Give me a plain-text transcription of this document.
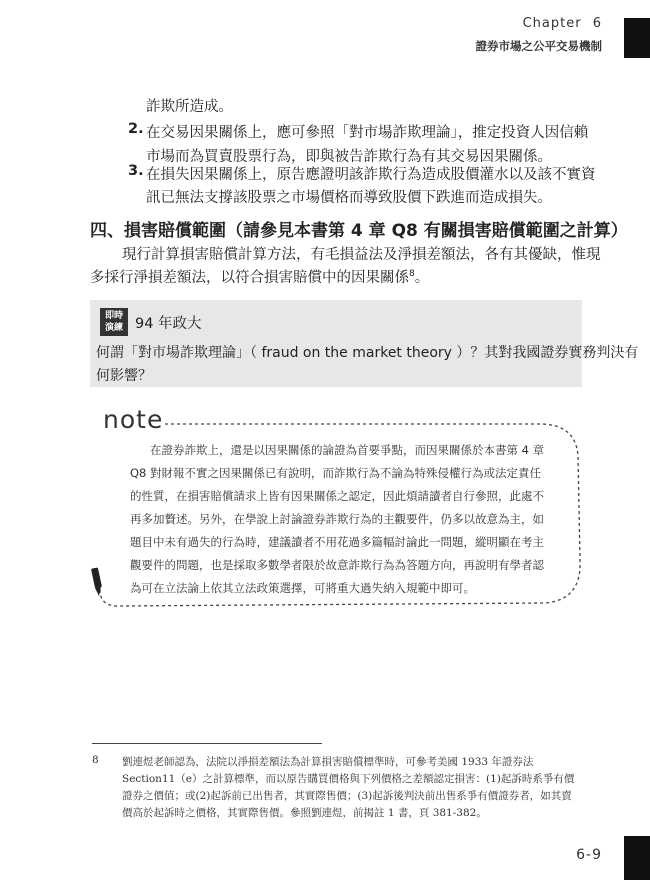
Chapter 6
證券市場之公平交易機制
詐欺所造成。
2. 在交易因果關係上，應可參照「對市場詐欺理論」，推定投資人因信賴
市場而為買賣股票行為，即與被告詐欺行為有其交易因果關係。
3. 在損失因果關係上，原告應證明該詐欺行為造成股價灌水以及該不實資
訊已無法支撐該股票之市場價格而導致股價下跌進而造成損失。
四、損害賠償範圍（請參見本書第 4 章 Q8 有關損害賠償範圍之計算）
現行計算損害賠償計算方法，有毛損益法及淨損差額法，各有其優缺，惟現
多採行淨損差額法，以符合損害賠償中的因果關係$^8$。
即時
演練 94 年政大
何謂「對市場詐欺理論」（ fraud on the market theory ）？其對我國證券實務判決有
何影響？
note
在證券詐欺上，還是以因果關係的論證為首要爭點，而因果關係於本書第 4 章
Q8 對財報不實之因果關係已有說明，而詐欺行為不論為特殊侵權行為或法定責任
的性質，在損害賠償請求上皆有因果關係之認定，因此煩請讀者自行參照，此處不
再多加贅述。另外，在學說上討論證券詐欺行為的主觀要件，仍多以故意為主，如
題目中未有過失的行為時，建議讀者不用花過多篇幅討論此一問題，縱明顯在考主
觀要件的問題，也是採取多數學者限於故意詐欺行為為答題方向，再說明有學者認
為可在立法論上依其立法政策選擇，可將重大過失納入規範中即可。
8 劉連煜老師認為，法院以淨損差額法為計算損害賠償標準時，可參考美國 1933 年證券法
Section11（e）之計算標準，而以原告購買價格與下列價格之差額認定損害：(1)起訴時系爭有價
證券之價值；或(2)起訴前已出售者，其實際售價；(3)起訴後判決前出售系爭有價證券者，如其賣
價高於起訴時之價格，其實際售價。參照劉連煜，前揭註 1 書，頁 381-382。
6-9
